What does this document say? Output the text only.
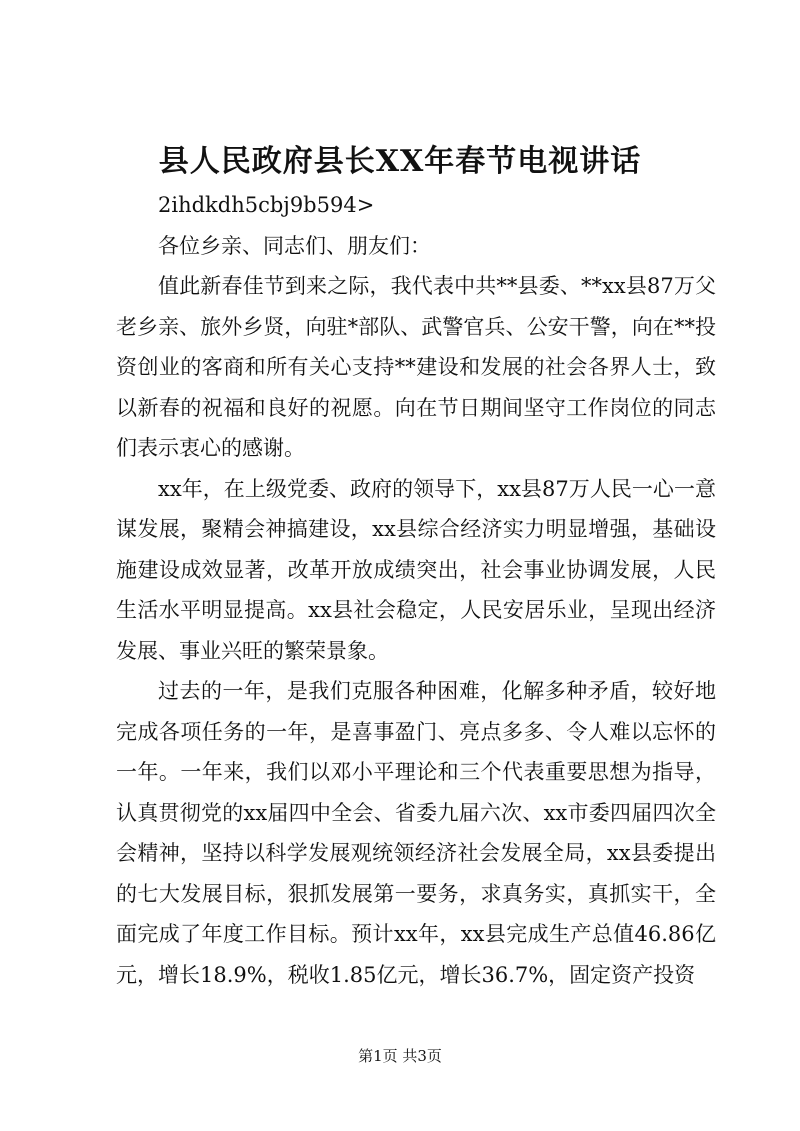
县人民政府县长XX年春节电视讲话

2ihdkdh5cbj9b594>

各位乡亲、同志们、朋友们：

值此新春佳节到来之际，我代表中共**县委、**xx县87万父老乡亲、旅外乡贤，向驻*部队、武警官兵、公安干警，向在**投资创业的客商和所有关心支持**建设和发展的社会各界人士，致以新春的祝福和良好的祝愿。向在节日期间坚守工作岗位的同志们表示衷心的感谢。

xx年，在上级党委、政府的领导下，xx县87万人民一心一意谋发展，聚精会神搞建设，xx县综合经济实力明显增强，基础设施建设成效显著，改革开放成绩突出，社会事业协调发展，人民生活水平明显提高。xx县社会稳定，人民安居乐业，呈现出经济发展、事业兴旺的繁荣景象。

过去的一年，是我们克服各种困难，化解多种矛盾，较好地完成各项任务的一年，是喜事盈门、亮点多多、令人难以忘怀的一年。一年来，我们以邓小平理论和三个代表重要思想为指导，认真贯彻党的xx届四中全会、省委九届六次、xx市委四届四次全会精神，坚持以科学发展观统领经济社会发展全局，xx县委提出的七大发展目标，狠抓发展第一要务，求真务实，真抓实干，全面完成了年度工作目标。预计xx年，xx县完成生产总值46.86亿元，增长18.9%，税收1.85亿元，增长36.7%，固定资产投资

第1页 共3页
